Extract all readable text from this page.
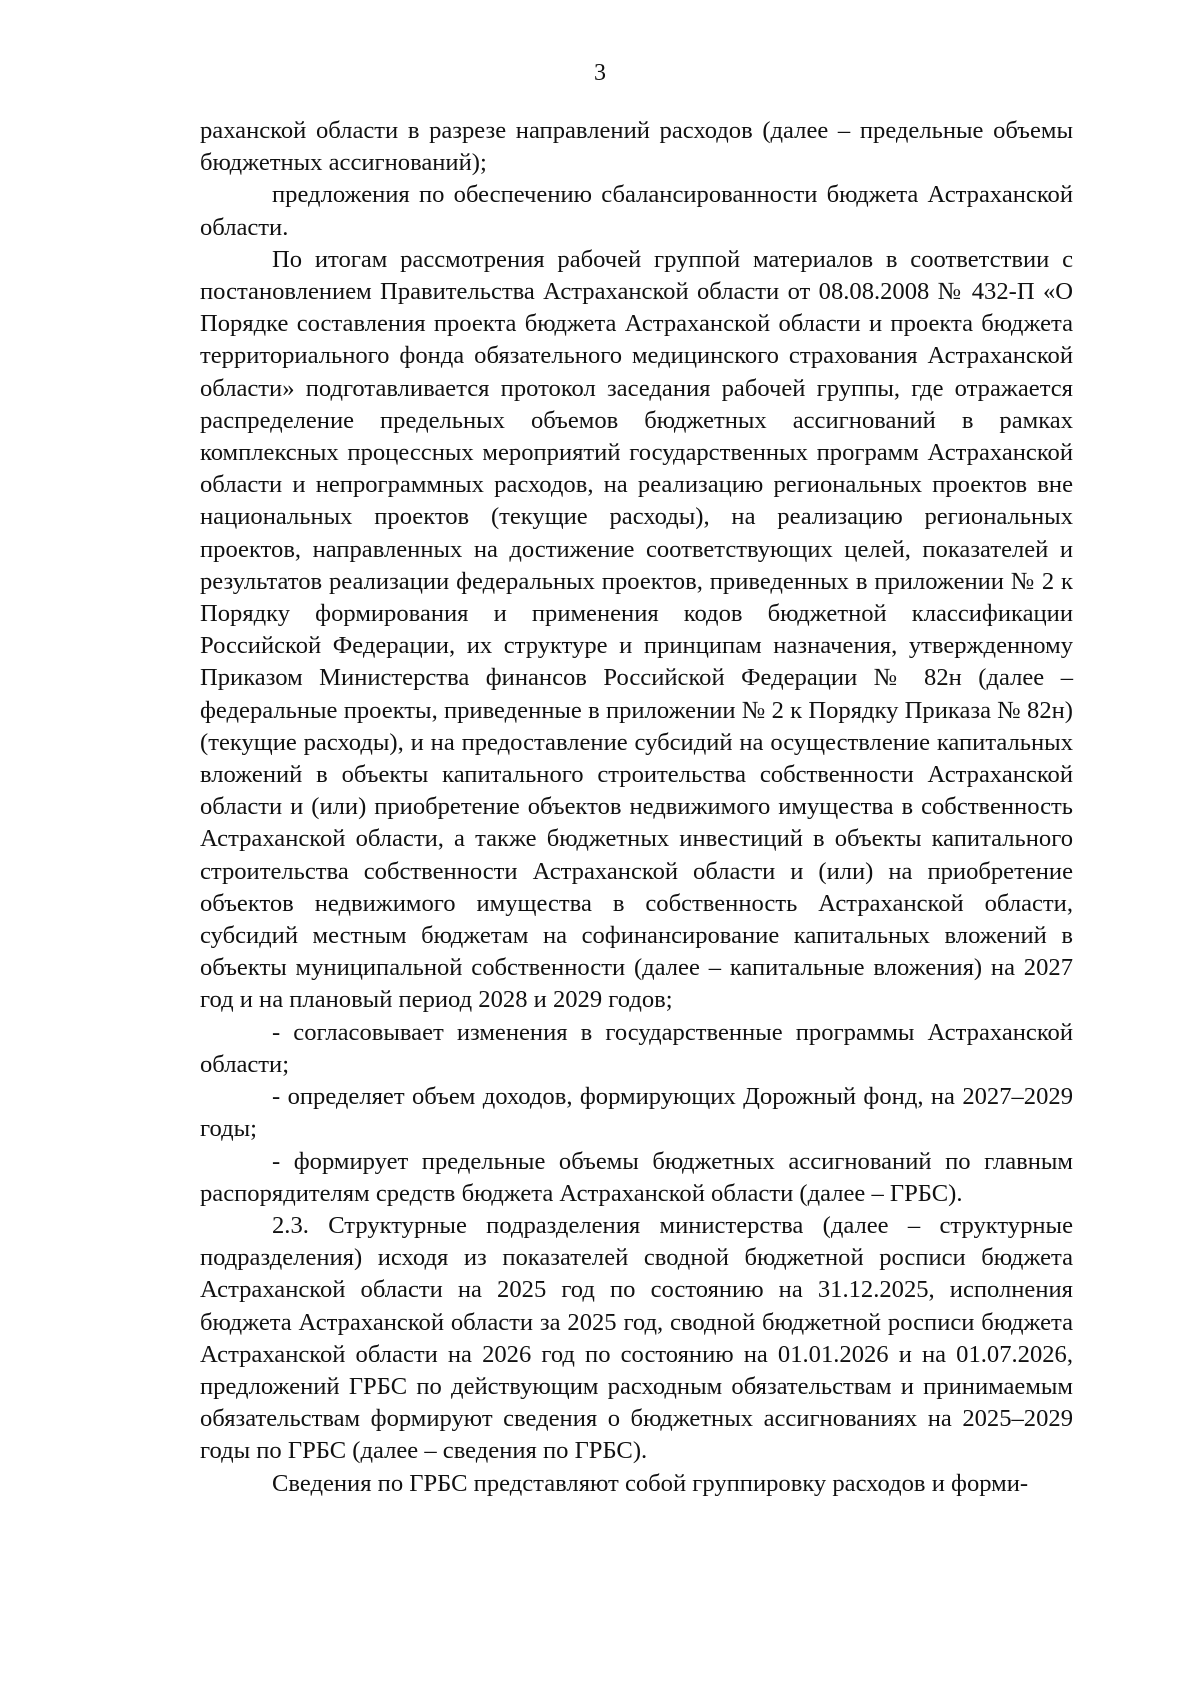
3

раханской области в разрезе направлений расходов (далее – предельные объемы бюджетных ассигнований);

предложения по обеспечению сбалансированности бюджета Астраханской области.

По итогам рассмотрения рабочей группой материалов в соответствии с постановлением Правительства Астраханской области от 08.08.2008 № 432-П «О Порядке составления проекта бюджета Астраханской области и проекта бюджета территориального фонда обязательного медицинского страхования Астраханской области» подготавливается протокол заседания рабочей группы, где отражается распределение предельных объемов бюджетных ассигнований в рамках комплексных процессных мероприятий государственных программ Астраханской области и непрограммных расходов, на реализацию региональных проектов вне национальных проектов (текущие расходы), на реализацию региональных проектов, направленных на достижение соответствующих целей, показателей и результатов реализации федеральных проектов, приведенных в приложении № 2 к Порядку формирования и применения кодов бюджетной классификации Российской Федерации, их структуре и принципам назначения, утвержденному Приказом Министерства финансов Российской Федерации № 82н (далее – федеральные проекты, приведенные в приложении № 2 к Порядку Приказа № 82н) (текущие расходы), и на предоставление субсидий на осуществление капитальных вложений в объекты капитального строительства собственности Астраханской области и (или) приобретение объектов недвижимого имущества в собственность Астраханской области, а также бюджетных инвестиций в объекты капитального строительства собственности Астраханской области и (или) на приобретение объектов недвижимого имущества в собственность Астраханской области, субсидий местным бюджетам на софинансирование капитальных вложений в объекты муниципальной собственности (далее – капитальные вложения) на 2027 год и на плановый период 2028 и 2029 годов;

- согласовывает изменения в государственные программы Астраханской области;

- определяет объем доходов, формирующих Дорожный фонд, на 2027–2029 годы;

- формирует предельные объемы бюджетных ассигнований по главным распорядителям средств бюджета Астраханской области (далее – ГРБС).

2.3. Структурные подразделения министерства (далее – структурные подразделения) исходя из показателей сводной бюджетной росписи бюджета Астраханской области на 2025 год по состоянию на 31.12.2025, исполнения бюджета Астраханской области за 2025 год, сводной бюджетной росписи бюджета Астраханской области на 2026 год по состоянию на 01.01.2026 и на 01.07.2026, предложений ГРБС по действующим расходным обязательствам и принимаемым обязательствам формируют сведения о бюджетных ассигнованиях на 2025–2029 годы по ГРБС (далее – сведения по ГРБС).

Сведения по ГРБС представляют собой группировку расходов и форми-
